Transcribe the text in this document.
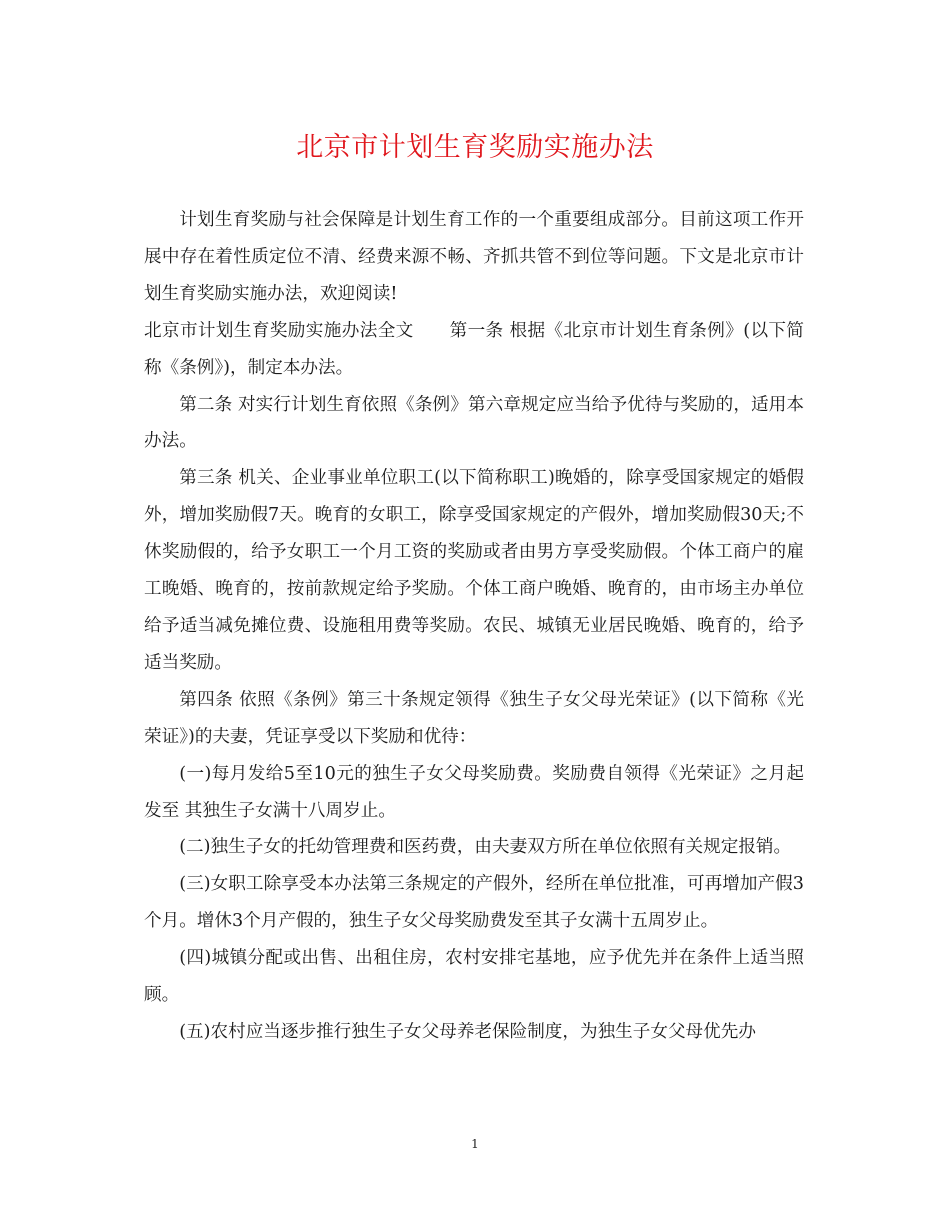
北京市计划生育奖励实施办法

计划生育奖励与社会保障是计划生育工作的一个重要组成部分。目前这项工作开展中存在着性质定位不清、经费来源不畅、齐抓共管不到位等问题。下文是北京市计划生育奖励实施办法，欢迎阅读!

北京市计划生育奖励实施办法全文　　第一条 根据《北京市计划生育条例》(以下简称《条例》)，制定本办法。

第二条 对实行计划生育依照《条例》第六章规定应当给予优待与奖励的，适用本办法。

第三条 机关、企业事业单位职工(以下简称职工)晚婚的，除享受国家规定的婚假外，增加奖励假7天。晚育的女职工，除享受国家规定的产假外，增加奖励假30天;不休奖励假的，给予女职工一个月工资的奖励或者由男方享受奖励假。个体工商户的雇工晚婚、晚育的，按前款规定给予奖励。个体工商户晚婚、晚育的，由市场主办单位给予适当减免摊位费、设施租用费等奖励。农民、城镇无业居民晚婚、晚育的，给予适当奖励。

第四条 依照《条例》第三十条规定领得《独生子女父母光荣证》(以下简称《光荣证》)的夫妻，凭证享受以下奖励和优待：

(一)每月发给5至10元的独生子女父母奖励费。奖励费自领得《光荣证》之月起发至 其独生子女满十八周岁止。

(二)独生子女的托幼管理费和医药费，由夫妻双方所在单位依照有关规定报销。

(三)女职工除享受本办法第三条规定的产假外，经所在单位批准，可再增加产假3个月。增休3个月产假的，独生子女父母奖励费发至其子女满十五周岁止。

(四)城镇分配或出售、出租住房，农村安排宅基地，应予优先并在条件上适当照顾。

(五)农村应当逐步推行独生子女父母养老保险制度，为独生子女父母优先办

1
